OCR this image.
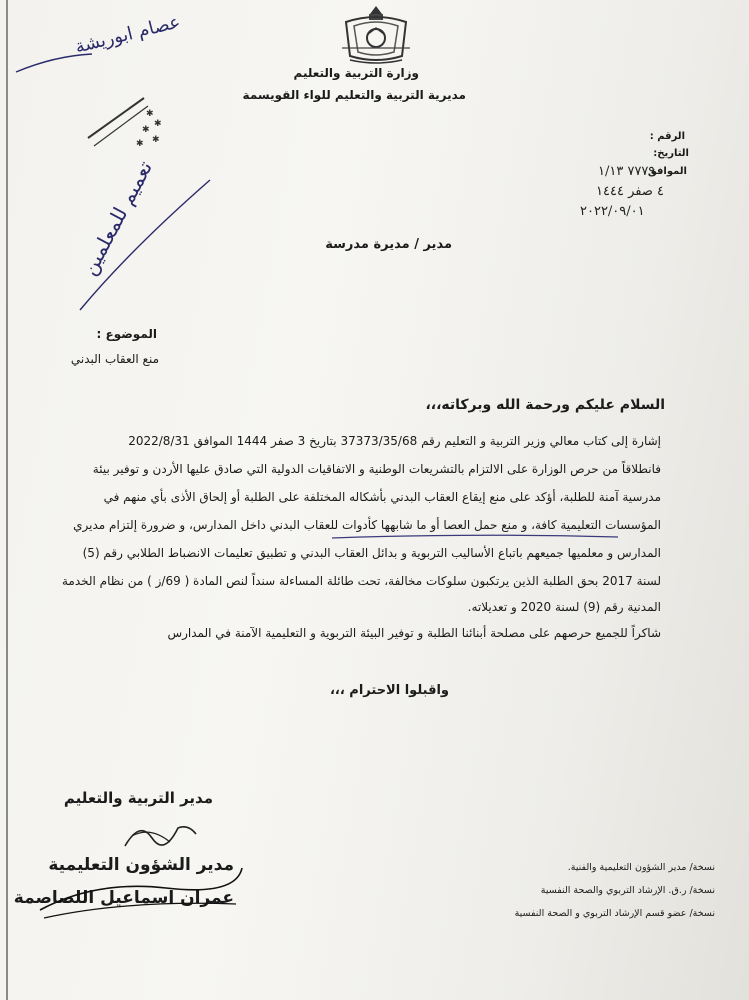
وزارة التربية والتعليم
مديرية التربية والتعليم للواء القويسمة
الرقم :
التاريخ:
الموافق
٧٧٧٩ ١/١٣
٤ صفر ١٤٤٤
٢٠٢٢/٠٩/٠١
مدير / مديرة مدرسة
الموضوع :
منع العقاب البدني
السلام عليكم ورحمة الله وبركاته،،،
إشارة إلى كتاب معالي وزير التربية و التعليم رقم 37373/35/68 بتاريخ 3 صفر 1444 الموافق 2022/8/31
فانطلاقاً من حرص الوزارة على الالتزام بالتشريعات الوطنية و الاتفاقيات الدولية التي صادق عليها الأردن و توفير بيئة
مدرسية آمنة للطلبة، أؤكد على منع إيقاع العقاب البدني بأشكاله المختلفة على الطلبة أو إلحاق الأذى بأي منهم في
المؤسسات التعليمية كافة، و منع حمل العصا أو ما شابهها كأدوات للعقاب البدني داخل المدارس، و ضرورة إلتزام مديري
المدارس و معلميها جميعهم باتباع الأساليب التربوية و بدائل العقاب البدني و تطبيق تعليمات الانضباط الطلابي رقم (5)
لسنة 2017 بحق الطلبة الذين يرتكبون سلوكات مخالفة، تحت طائلة المساءلة سنداً لنص المادة ( 69/ز ) من نظام الخدمة
المدنية رقم (9) لسنة 2020 و تعديلاته.
شاكراً للجميع حرصهم على مصلحة أبنائنا الطلبة و توفير البيئة التربوية و التعليمية الآمنة في المدارس
واقبلوا الاحترام ،،،
مدير التربية والتعليم
مدير الشؤون التعليمية
عمران اسماعيل اللصاصمة
نسخة/ مدير الشؤون التعليمية والفنية.
نسخة/ ر.ق. الإرشاد التربوي والصحة النفسية
نسخة/ عضو قسم الإرشاد التربوي و الصحة النفسية
عصام ابوريشة
✱
✱
✱
✱
✱
تعميم للمعلمين
